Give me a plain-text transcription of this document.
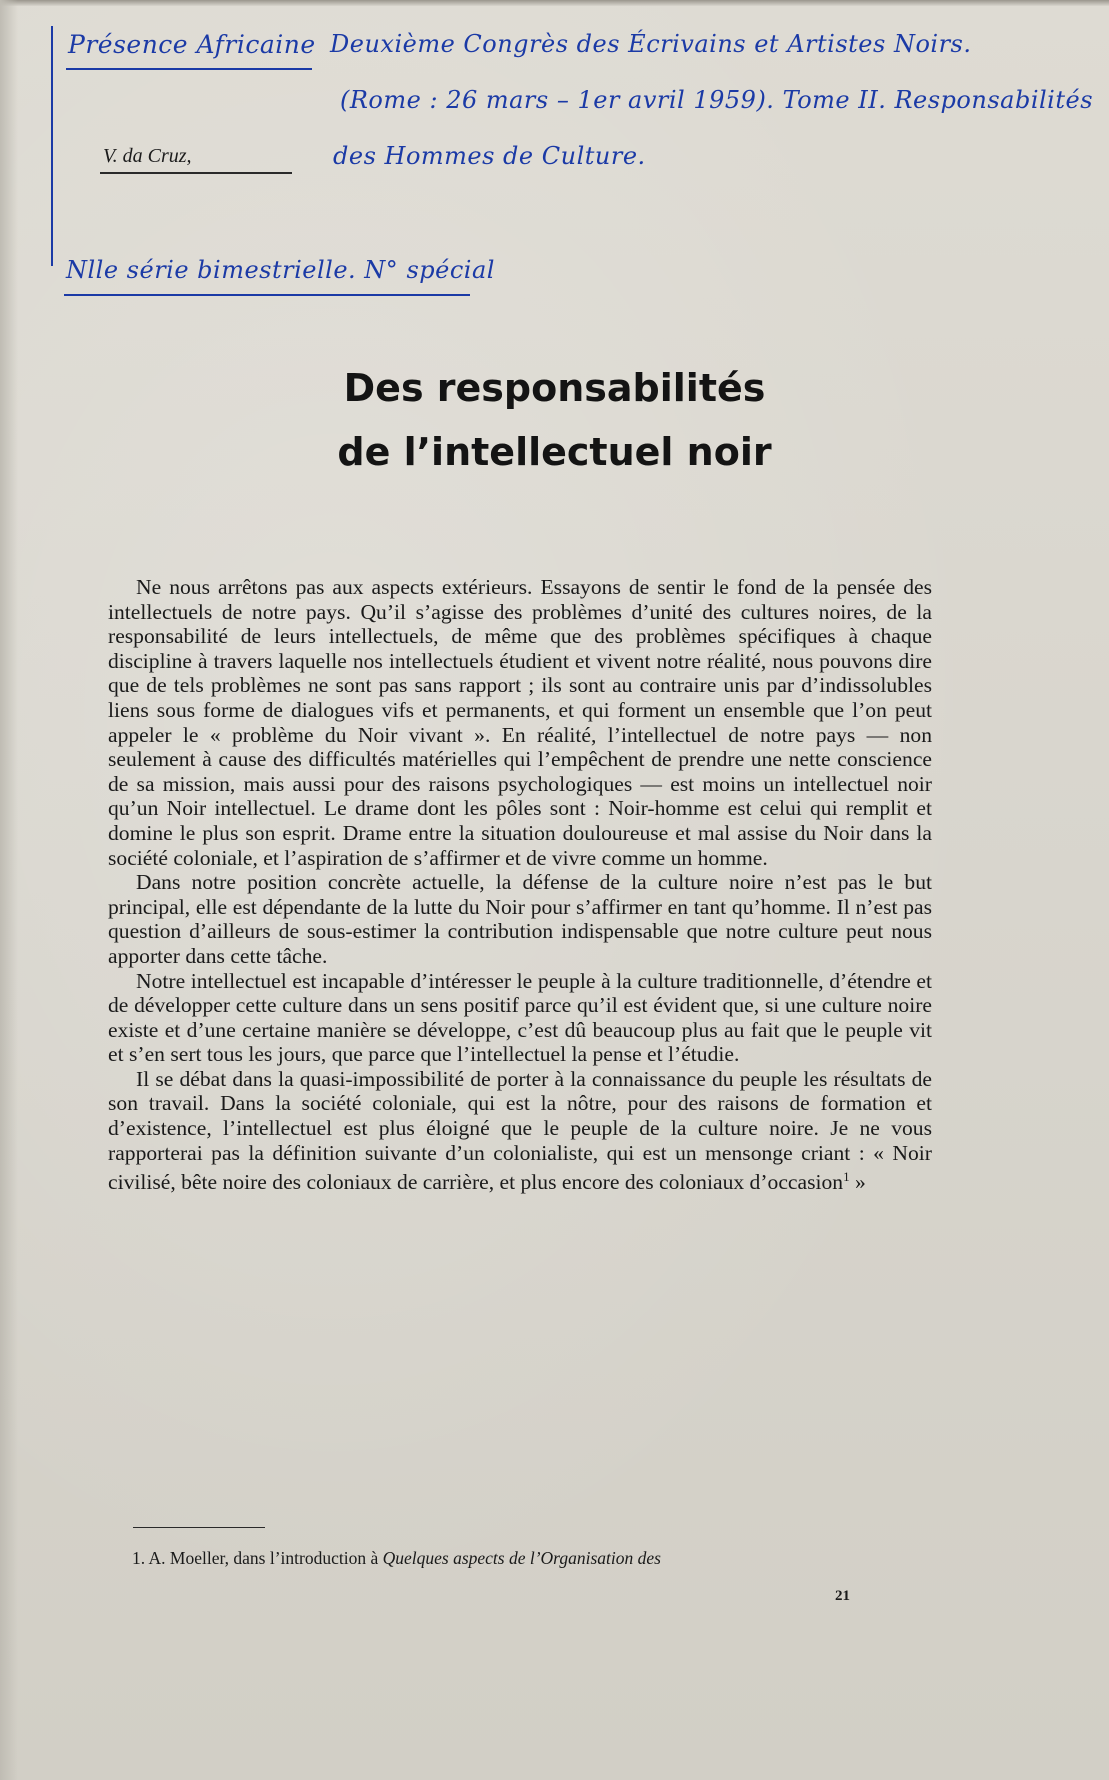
Présence Africaine Deuxième Congrès des Écrivains et Artistes Noirs.
(Rome : 26 mars – 1er avril 1959). Tome II. Responsabilités
des Hommes de Culture.
Nlle série bimestrielle. N° spécial
V. da Cruz,
Des responsabilités
de l’intellectuel noir

Ne nous arrêtons pas aux aspects extérieurs. Essayons de sentir le fond de la pensée des intellectuels de notre pays. Qu’il s’agisse des problèmes d’unité des cultures noires, de la responsabilité de leurs intellectuels, de même que des problèmes spécifiques à chaque discipline à travers laquelle nos intellectuels étudient et vivent notre réalité, nous pouvons dire que de tels problèmes ne sont pas sans rapport ; ils sont au contraire unis par d’indissolubles liens sous forme de dialogues vifs et permanents, et qui forment un ensemble que l’on peut appeler le « problème du Noir vivant ». En réalité, l’intellectuel de notre pays — non seulement à cause des difficultés matérielles qui l’empêchent de prendre une nette conscience de sa mission, mais aussi pour des raisons psychologiques — est moins un intellectuel noir qu’un Noir intellectuel. Le drame dont les pôles sont : Noir-homme est celui qui remplit et domine le plus son esprit. Drame entre la situation douloureuse et mal assise du Noir dans la société coloniale, et l’aspiration de s’affirmer et de vivre comme un homme.

Dans notre position concrète actuelle, la défense de la culture noire n’est pas le but principal, elle est dépendante de la lutte du Noir pour s’affirmer en tant qu’homme. Il n’est pas question d’ailleurs de sous-estimer la contribution indispensable que notre culture peut nous apporter dans cette tâche.

Notre intellectuel est incapable d’intéresser le peuple à la culture traditionnelle, d’étendre et de développer cette culture dans un sens positif parce qu’il est évident que, si une culture noire existe et d’une certaine manière se développe, c’est dû beaucoup plus au fait que le peuple vit et s’en sert tous les jours, que parce que l’intellectuel la pense et l’étudie.

Il se débat dans la quasi-impossibilité de porter à la connaissance du peuple les résultats de son travail. Dans la société coloniale, qui est la nôtre, pour des raisons de formation et d’existence, l’intellectuel est plus éloigné que le peuple de la culture noire. Je ne vous rapporterai pas la définition suivante d’un colonialiste, qui est un mensonge criant : « Noir civilisé, bête noire des coloniaux de carrière, et plus encore des coloniaux d’occasion$^1$ »

1. A. Moeller, dans l’introduction à Quelques aspects de l’Organisation des
21
